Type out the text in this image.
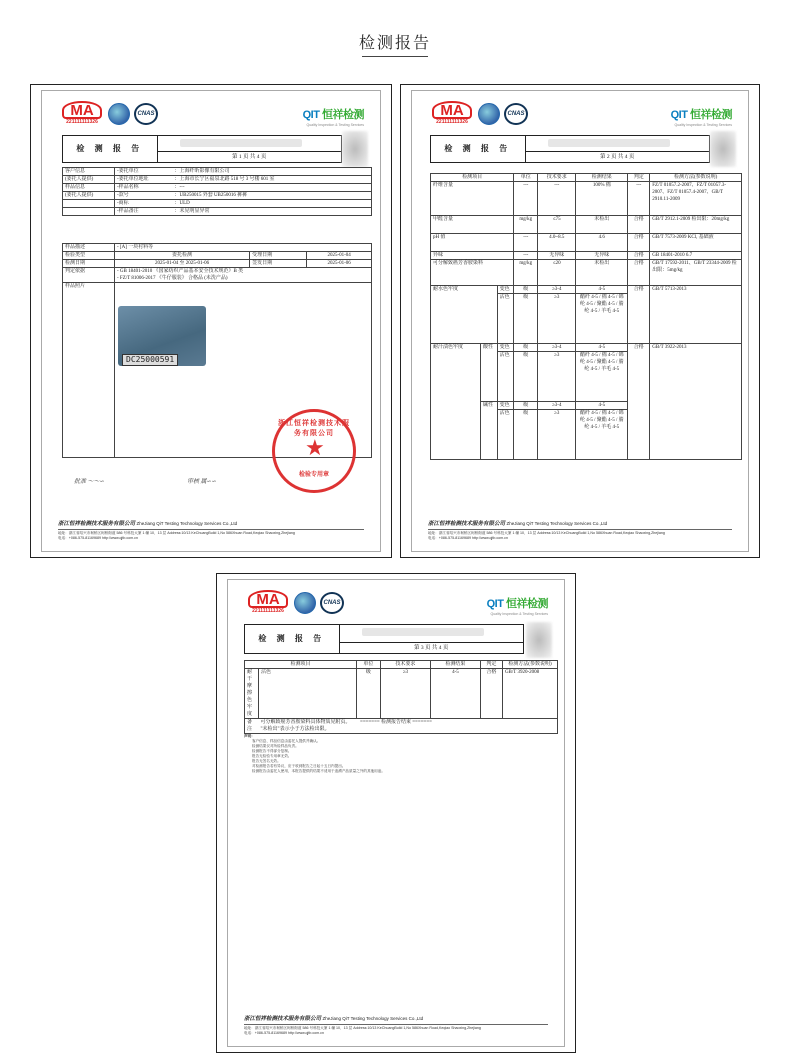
检测报告
MA
221111111326
CNAS	QIT 恒祥检测
Quality Inspection & Testing Services
检 测 报 告
第 1 页 共 4 页
客户信息	-委托单位	：上海纤昕影像有限公司
(委托人提供)	-委托单位地址	：上海市长宁区福泉北路 518 号 3 号楼 601 室
样品信息	-样品名称	：---
(委托人提供)	-款号	：UB250015 外套 UB250016 裤裤
	-商标	：ULD
	-样品备注	：未见明显异常
样品描述	- [A] 一块衬料等		
检验类型	委托检测	受理日期	2025-01-04
检测日期	2025-01-04 至 2025-01-06	签发日期	2025-01-06
判定依据	- GB 18401-2010 《国家纺织产品基本安全技术规范》B 类
- FZ/T 81006-2017 《牛仔服装》 合格品 (未洗产品)		

样品照片			
DC25000591
浙江恒祥检测技术服务有限公司
★
检验专用章
批准 ～～∽	审核 属∽∽
浙江恒祥检测技术服务有限公司 ZheJiang QiT Testing Technology Services Co.,Ltd
地址：浙江省绍兴市柯桥区柯桥街道 586 号科技大厦 1 幢 10、13 层 Address:10/13 KeChuangBuild 1,No 586Xhuan Road,Keqiao Shaoxing,Zhejiang
电话：+086-575-81169689 http://www.qjtb.com.cn
MA
221111111326
CNAS	QIT 恒祥检测
Quality Inspection & Testing Services
检 测 报 告
第 2 页 共 4 页
检测项目			单位	技术要求	检测结果	判定	检测方法(参数说明)
纤维含量			---	---	100% 棉	---	FZ/T 01057.2-2007、FZ/T 01057.3-2007、FZ/T 01057.4-2007、GB/T 2910.11-2009
甲醛含量			mg/kg	≤75	未检出	合格	GB/T 2912.1-2009 检出限：20mg/kg
pH 值			---	4.0~8.5	4.6	合格	GB/T 7573-2009 KCl, 基础液
异味			---	无异味	无异味	合格	GB 18401-2010 6.7
可分解致癌芳香胺染料			mg/kg	≤20	未检出	合格	GB/T 17592-2011、GB/T 23344-2009 检出限：5mg/kg
耐水色牢度		变色	级	≥3-4	4-5	合格	GB/T 5713-2013
		沾色	级	≥3	醋纤 4-5 / 棉 4-5 / 锦纶 4-5 / 聚酯 4-5 / 腈纶 4-5 / 羊毛 4-5		
耐汗渍色牢度	酸性	变色	级	≥3-4	4-5	合格	GB/T 3922-2013
		沾色	级	≥3	醋纤 4-5 / 棉 4-5 / 锦纶 4-5 / 聚酯 4-5 / 腈纶 4-5 / 羊毛 4-5		
	碱性	变色	级	≥3-4	4-5		
		沾色	级	≥3	醋纤 4-5 / 棉 4-5 / 锦纶 4-5 / 聚酯 4-5 / 腈纶 4-5 / 羊毛 4-5		
浙江恒祥检测技术服务有限公司 ZheJiang QiT Testing Technology Services Co.,Ltd
地址：浙江省绍兴市柯桥区柯桥街道 586 号科技大厦 1 幢 10、13 层 Address:10/13 KeChuangBuild 1,No 586Xhuan Road,Keqiao Shaoxing,Zhejiang
电话：+086-575-81169689 http://www.qjtb.com.cn
MA
221111111326
CNAS	QIT 恒祥检测
Quality Inspection & Testing Services
检 测 报 告
第 3 页 共 4 页
检测项目		单位	技术要求	检测结果	判定	检测方法(参数说明)
耐干摩擦色牢度	沾色	级	≥3	4-5	合格	GB/T 3920-2008
备注	可分解致癌芳香胺染料具体物质见附页。
"未检出"表示小于方法检出限。					
======= 检测报告结束 =======
声明：
客户信息、样品信息由委托人提供并确认。
检测结果仅对所检样品负责。
检测报告不得部分复制。
报告无检验专用章无效。
报告无签名无效。
对检测报告若有异议，应于收到报告之日起十五日内提出。
检测报告由委托人使用，本报告提供的结果不适用于追溯产品质量之外的其他用途。
浙江恒祥检测技术服务有限公司 ZheJiang QiT Testing Technology Services Co.,Ltd
地址：浙江省绍兴市柯桥区柯桥街道 586 号科技大厦 1 幢 10、13 层 Address:10/13 KeChuangBuild 1,No 586Xhuan Road,Keqiao Shaoxing,Zhejiang
电话：+086-575-81169689 http://www.qjtb.com.cn
